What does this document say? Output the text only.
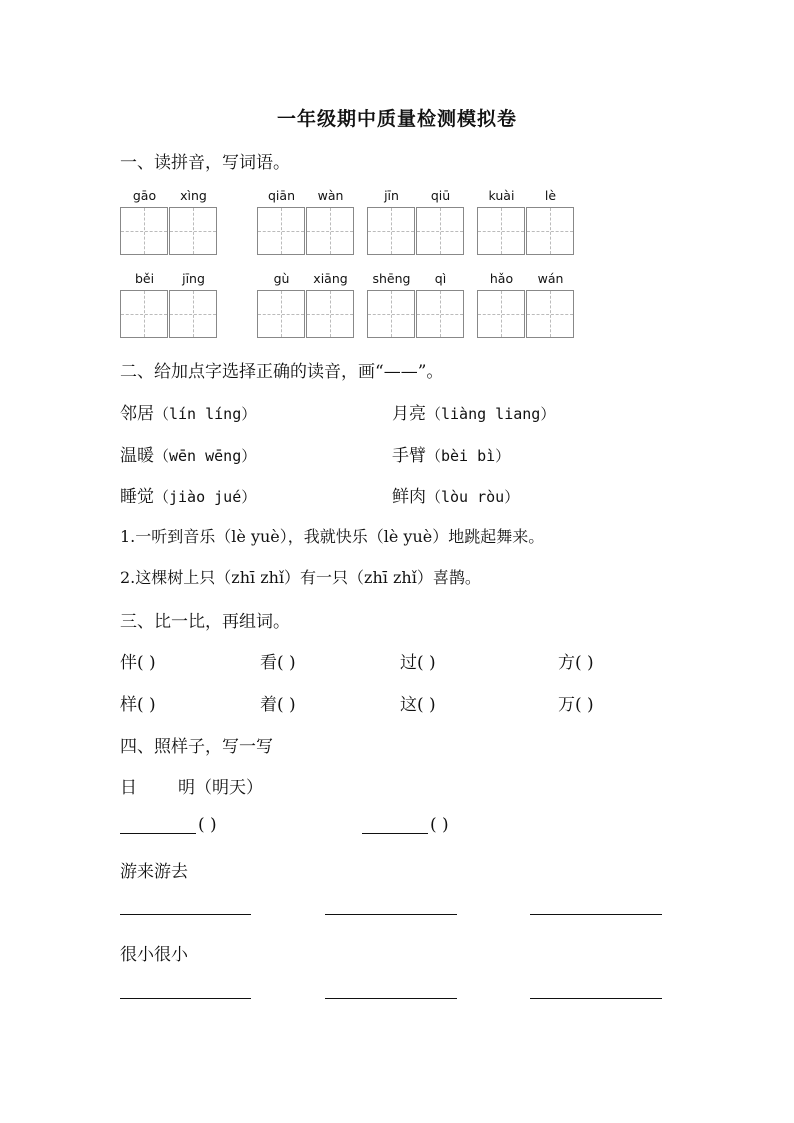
一年级期中质量检测模拟卷
一、读拼音，写词语。
gāo	xìng	qiān	wàn	jīn	qiū	kuài	lè
běi	jīng	gù	xiāng	shēng	qì	hǎo	wán
二、给加点字选择正确的读音，画“——”。
邻居（lín líng）	月亮（liàng liang）
温暖（wēn wēng）	手臂（bèi bì）
睡觉（jiào jué）	鲜肉（lòu ròu）
1.一听到音乐（lè yuè），我就快乐（lè yuè）地跳起舞来。
2.这棵树上只（zhī zhǐ）有一只（zhī zhǐ）喜鹊。
三、比一比，再组词。
伴( )	看( )	过( )	方( )
样( )	着( )	这( )	万( )
四、照样子，写一写
日 明（明天）
( )	( )
游来游去
很小很小
